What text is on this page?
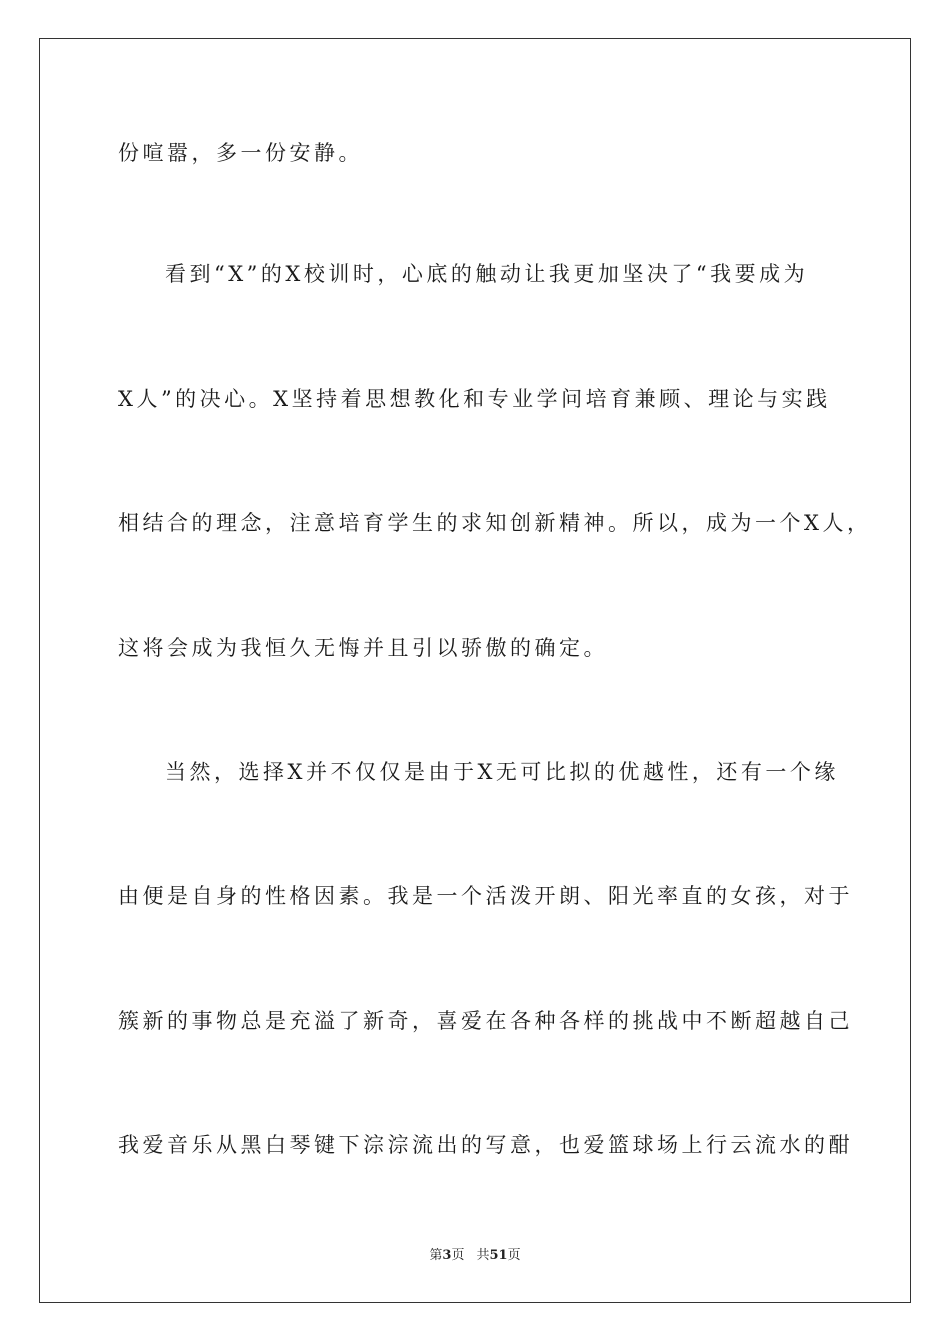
份喧嚣，多一份安静。
看到“X”的X校训时，心底的触动让我更加坚决了“我要成为
X人”的决心。X坚持着思想教化和专业学问培育兼顾、理论与实践
相结合的理念，注意培育学生的求知创新精神。所以，成为一个X人，
这将会成为我恒久无悔并且引以骄傲的确定。
当然，选择X并不仅仅是由于X无可比拟的优越性，还有一个缘
由便是自身的性格因素。我是一个活泼开朗、阳光率直的女孩，对于
簇新的事物总是充溢了新奇，喜爱在各种各样的挑战中不断超越自己
我爱音乐从黑白琴键下淙淙流出的写意，也爱篮球场上行云流水的酣
第3页 共51页
